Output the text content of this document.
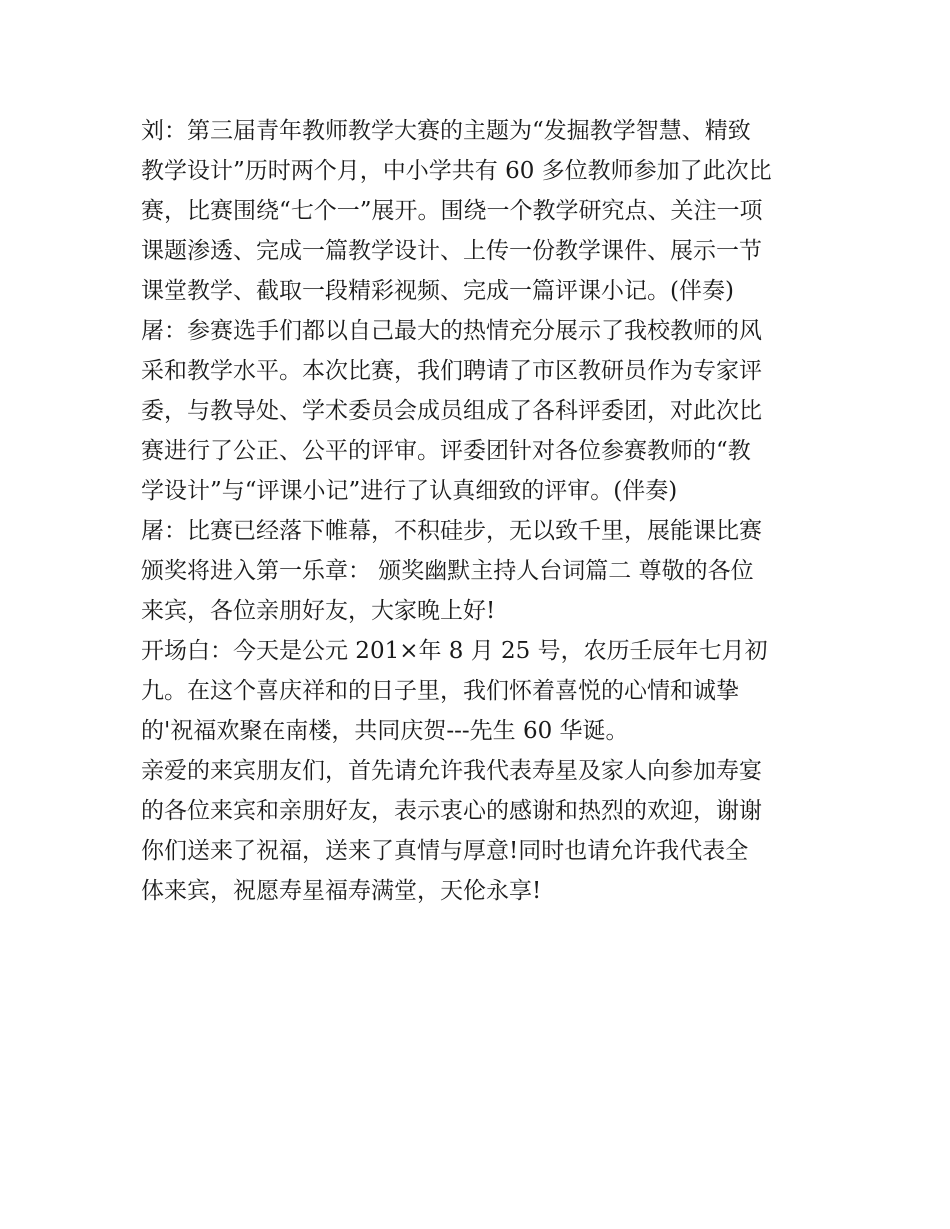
刘：第三届青年教师教学大赛的主题为“发掘教学智慧、精致

教学设计”历时两个月，中小学共有 60 多位教师参加了此次比

赛，比赛围绕“七个一”展开。围绕一个教学研究点、关注一项

课题渗透、完成一篇教学设计、上传一份教学课件、展示一节

课堂教学、截取一段精彩视频、完成一篇评课小记。(伴奏)

屠：参赛选手们都以自己最大的热情充分展示了我校教师的风

采和教学水平。本次比赛，我们聘请了市区教研员作为专家评

委，与教导处、学术委员会成员组成了各科评委团，对此次比

赛进行了公正、公平的评审。评委团针对各位参赛教师的“教

学设计”与“评课小记”进行了认真细致的评审。(伴奏)

屠：比赛已经落下帷幕，不积硅步，无以致千里，展能课比赛

颁奖将进入第一乐章： 颁奖幽默主持人台词篇二 尊敬的各位

来宾，各位亲朋好友，大家晚上好!

开场白：今天是公元 201×年 8 月 25 号，农历壬辰年七月初

九。在这个喜庆祥和的日子里，我们怀着喜悦的心情和诚挚

的'祝福欢聚在南楼，共同庆贺---先生 60 华诞。

亲爱的来宾朋友们，首先请允许我代表寿星及家人向参加寿宴

的各位来宾和亲朋好友，表示衷心的感谢和热烈的欢迎，谢谢

你们送来了祝福，送来了真情与厚意!同时也请允许我代表全

体来宾，祝愿寿星福寿满堂，天伦永享!
